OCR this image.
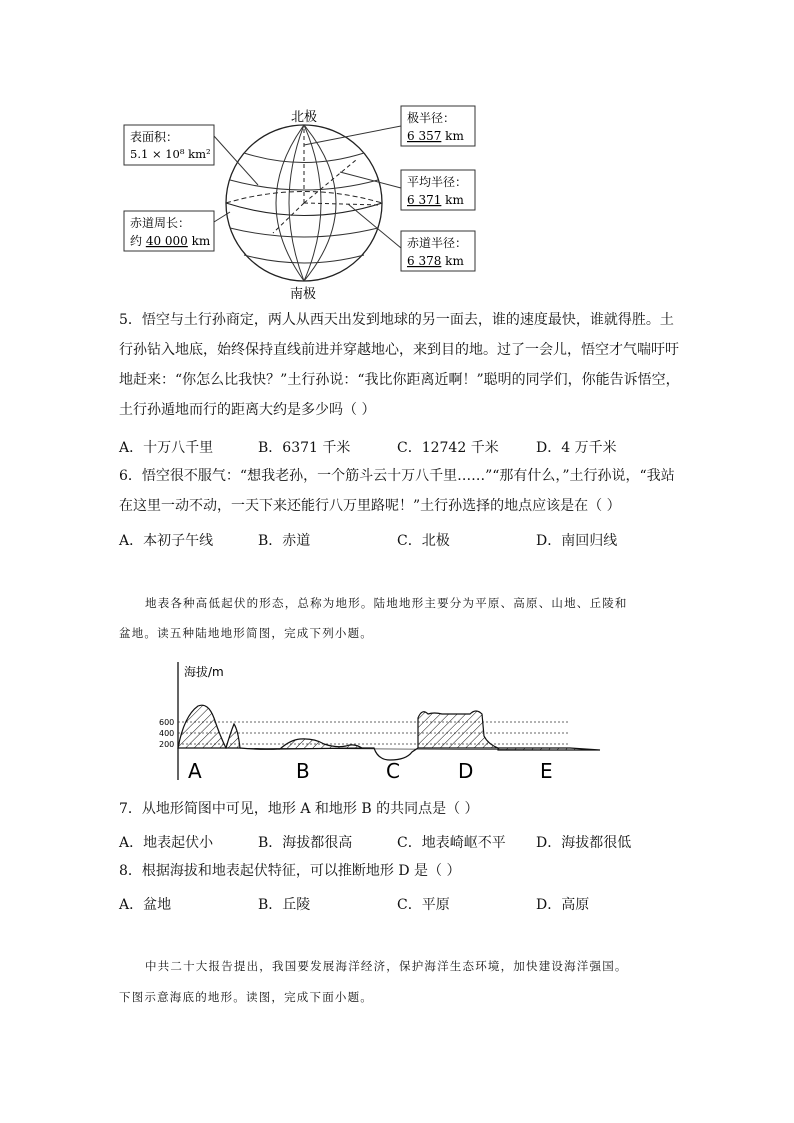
北极
南极
表面积：
5.1 × 10⁸ km²
赤道周长：
约 40 000 km
极半径：
6 357 km
平均半径：
6 371 km
赤道半径：
6 378 km
5．悟空与土行孙商定，两人从西天出发到地球的另一面去，谁的速度最快，谁就得胜。土
行孙钻入地底，始终保持直线前进并穿越地心，来到目的地。过了一会儿，悟空才气喘吁吁
地赶来：“你怎么比我快？”土行孙说：“我比你距离近啊！”聪明的同学们，你能告诉悟空，
土行孙遁地而行的距离大约是多少吗（ ）
A．十万八千里	B．6371 千米	C．12742 千米	D．4 万千米
6．悟空很不服气：“想我老孙，一个筋斗云十万八千里……”“那有什么，”土行孙说，“我站
在这里一动不动，一天下来还能行八万里路呢！”土行孙选择的地点应该是在（ ）
A．本初子午线	B．赤道	C．北极	D．南回归线
地表各种高低起伏的形态，总称为地形。陆地地形主要分为平原、高原、山地、丘陵和
盆地。读五种陆地地形简图，完成下列小题。
海拔/m
600
400
200
A	B	C	D	E
7．从地形简图中可见，地形 A 和地形 B 的共同点是（ ）
A．地表起伏小	B．海拔都很高	C．地表崎岖不平 D．海拔都很低
8．根据海拔和地表起伏特征，可以推断地形 D 是（ ）
A．盆地	B．丘陵	C．平原	D．高原
中共二十大报告提出，我国要发展海洋经济，保护海洋生态环境，加快建设海洋强国。
下图示意海底的地形。读图，完成下面小题。
